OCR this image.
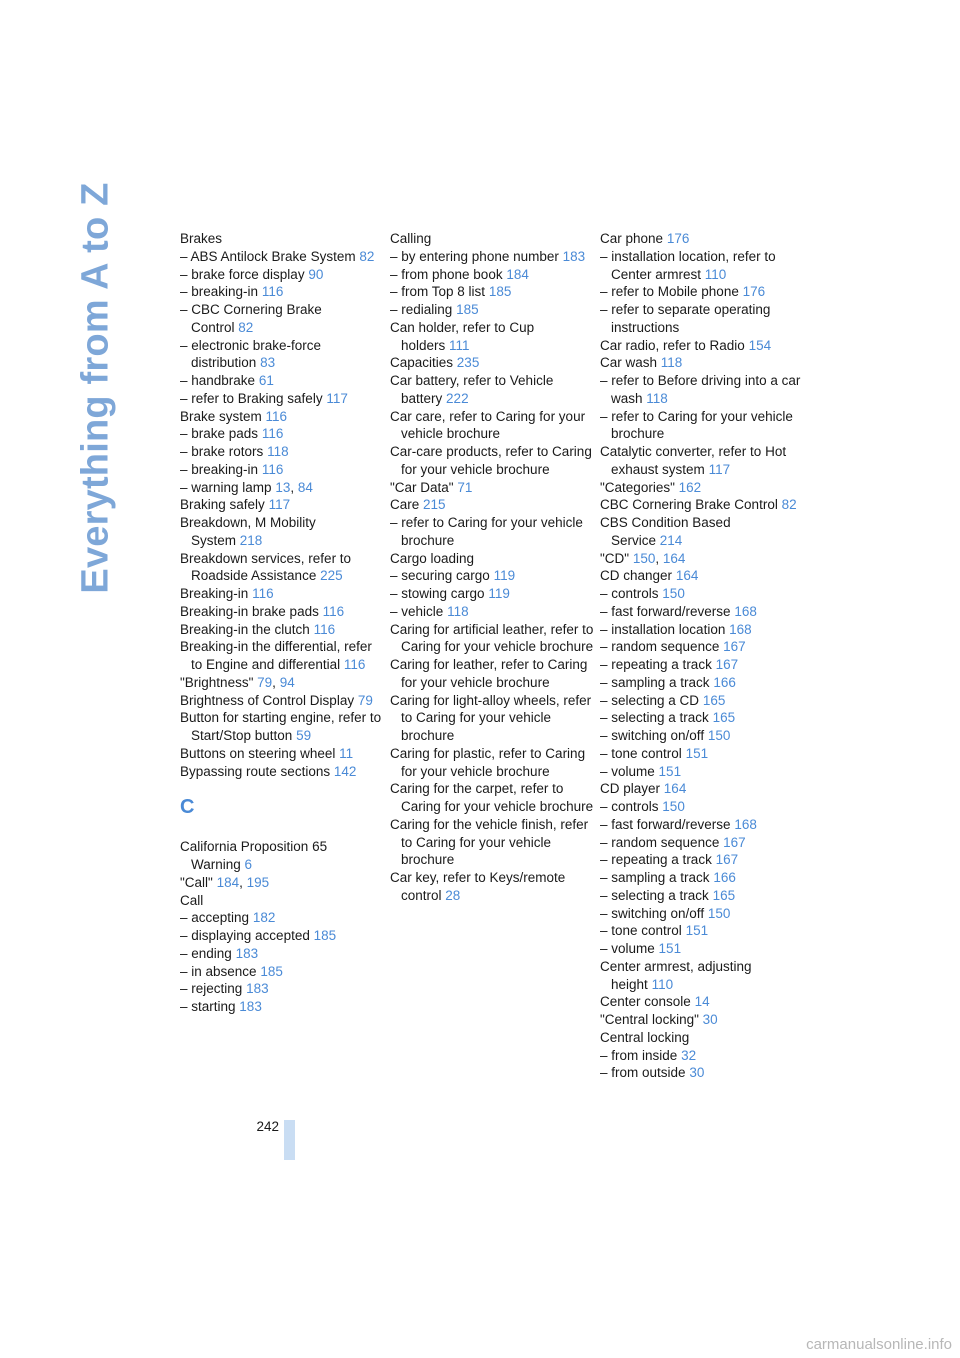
Everything from A to Z	Brakes
– ABS Antilock Brake System 82
– brake force display 90
– breaking-in 116
– CBC Cornering Brake Control 82
– electronic brake-force distribution 83
– handbrake 61
– refer to Braking safely 117
Brake system 116
– brake pads 116
– brake rotors 118
– breaking-in 116
– warning lamp 13, 84
Braking safely 117
Breakdown, M Mobility System 218
Breakdown services, refer to Roadside Assistance 225
Breaking-in 116
Breaking-in brake pads 116
Breaking-in the clutch 116
Breaking-in the differential, refer to Engine and differential 116
"Brightness" 79, 94
Brightness of Control Display 79
Button for starting engine, refer to Start/Stop button 59
Buttons on steering wheel 11
Bypassing route sections 142
C
California Proposition 65 Warning 6
"Call" 184, 195
Call
– accepting 182
– displaying accepted 185
– ending 183
– in absence 185
– rejecting 183
– starting 183
Calling
– by entering phone number 183
– from phone book 184
– from Top 8 list 185
– redialing 185
Can holder, refer to Cup holders 111
Capacities 235
Car battery, refer to Vehicle battery 222
Car care, refer to Caring for your vehicle brochure
Car-care products, refer to Caring for your vehicle brochure
"Car Data" 71
Care 215
– refer to Caring for your vehicle brochure
Cargo loading
– securing cargo 119
– stowing cargo 119
– vehicle 118
Caring for artificial leather, refer to Caring for your vehicle brochure
Caring for leather, refer to Caring for your vehicle brochure
Caring for light-alloy wheels, refer to Caring for your vehicle brochure
Caring for plastic, refer to Caring for your vehicle brochure
Caring for the carpet, refer to Caring for your vehicle brochure
Caring for the vehicle finish, refer to Caring for your vehicle brochure
Car key, refer to Keys/remote control 28
Car phone 176
– installation location, refer to Center armrest 110
– refer to Mobile phone 176
– refer to separate operating instructions
Car radio, refer to Radio 154
Car wash 118
– refer to Before driving into a car wash 118
– refer to Caring for your vehicle brochure
Catalytic converter, refer to Hot exhaust system 117
"Categories" 162
CBC Cornering Brake Control 82
CBS Condition Based Service 214
"CD" 150, 164
CD changer 164
– controls 150
– fast forward/reverse 168
– installation location 168
– random sequence 167
– repeating a track 167
– sampling a track 166
– selecting a CD 165
– selecting a track 165
– switching on/off 150
– tone control 151
– volume 151
CD player 164
– controls 150
– fast forward/reverse 168
– random sequence 167
– repeating a track 167
– sampling a track 166
– selecting a track 165
– switching on/off 150
– tone control 151
– volume 151
Center armrest, adjusting height 110
Center console 14
"Central locking" 30
Central locking
– from inside 32
– from outside 30
242
carmanualsonline.info
